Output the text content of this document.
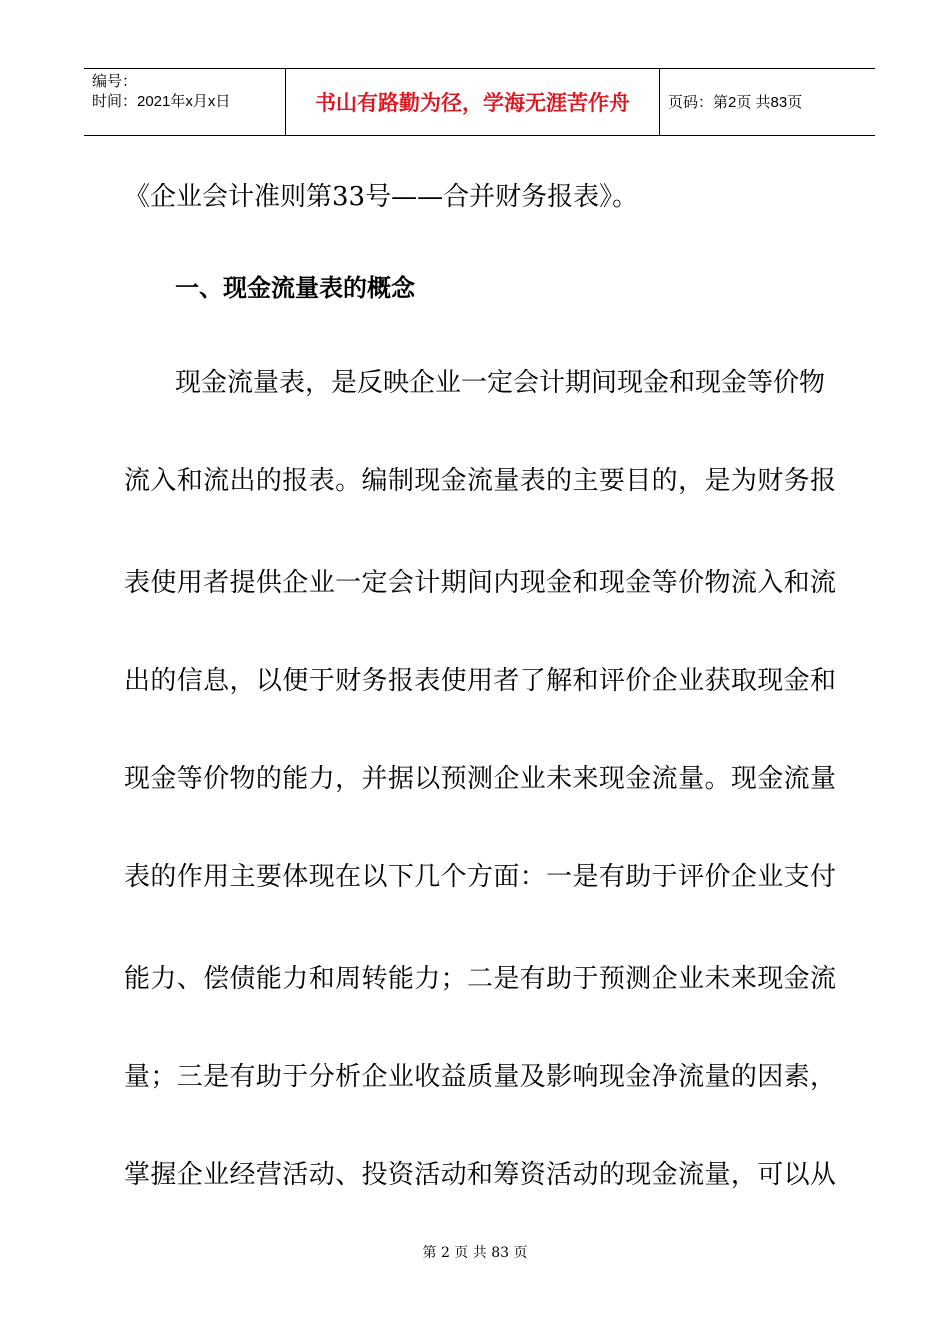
编号：
时间：2021年x月x日	书山有路勤为径，学海无涯苦作舟	页码：第2页 共83页
《企业会计准则第33号——合并财务报表》。
一、现金流量表的概念
现金流量表，是反映企业一定会计期间现金和现金等价物
流入和流出的报表。编制现金流量表的主要目的，是为财务报
表使用者提供企业一定会计期间内现金和现金等价物流入和流
出的信息，以便于财务报表使用者了解和评价企业获取现金和
现金等价物的能力，并据以预测企业未来现金流量。现金流量
表的作用主要体现在以下几个方面：一是有助于评价企业支付
能力、偿债能力和周转能力；二是有助于预测企业未来现金流
量；三是有助于分析企业收益质量及影响现金净流量的因素，
掌握企业经营活动、投资活动和筹资活动的现金流量，可以从
第 2 页 共 83 页
